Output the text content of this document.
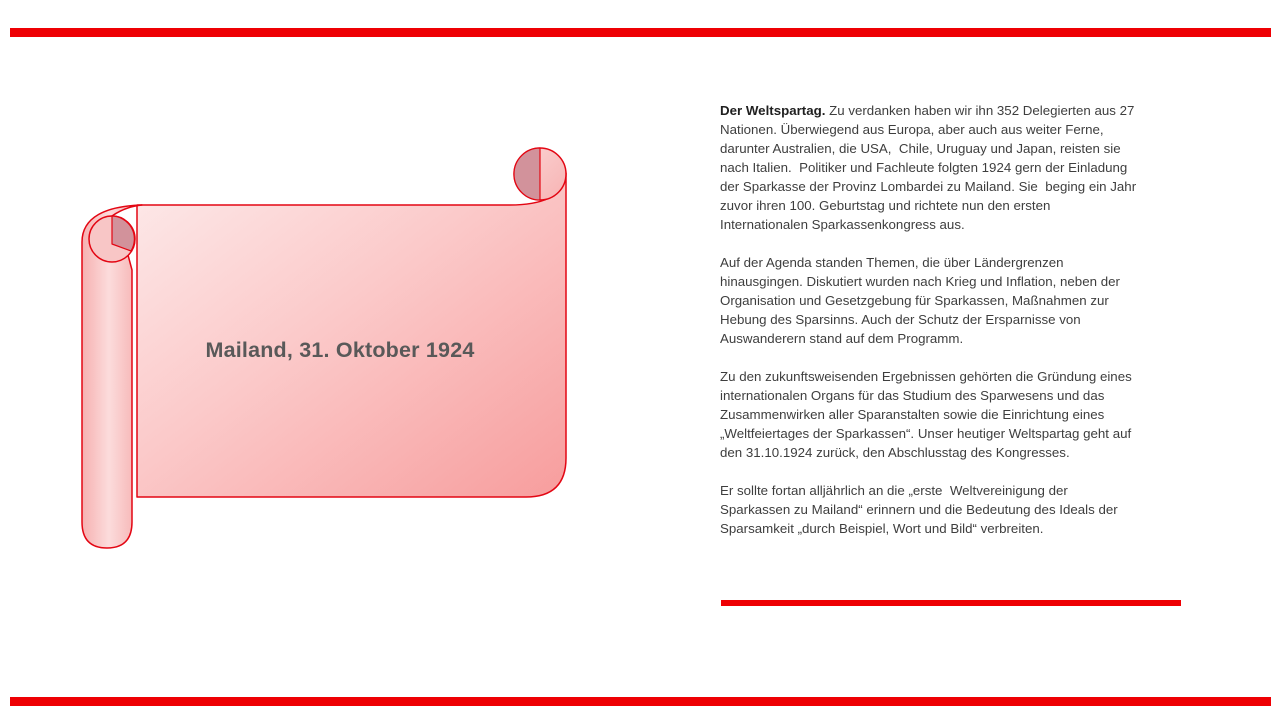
Mailand, 31. Oktober 1924

Der Weltspartag. Zu verdanken haben wir ihn 352 Delegierten aus 27 Nationen. Überwiegend aus Europa, aber auch aus weiter Ferne, darunter Australien, die USA,  Chile, Uruguay und Japan, reisten sie nach Italien.  Politiker und Fachleute folgten 1924 gern der Einladung der Sparkasse der Provinz Lombardei zu Mailand. Sie  beging ein Jahr zuvor ihren 100. Geburtstag und richtete nun den ersten Internationalen Sparkassenkongress aus.

Auf der Agenda standen Themen, die über Ländergrenzen hinausgingen. Diskutiert wurden nach Krieg und Inflation, neben der Organisation und Gesetzgebung für Sparkassen, Maßnahmen zur Hebung des Sparsinns. Auch der Schutz der Ersparnisse von Auswanderern stand auf dem Programm.

Zu den zukunftsweisenden Ergebnissen gehörten die Gründung eines internationalen Organs für das Studium des Sparwesens und das Zusammenwirken aller Sparanstalten sowie die Einrichtung eines „Weltfeiertages der Sparkassen“. Unser heutiger Weltspartag geht auf den 31.10.1924 zurück, den Abschlusstag des Kongresses.

Er sollte fortan alljährlich an die „erste  Weltvereinigung der Sparkassen zu Mailand“ erinnern und die Bedeutung des Ideals der Sparsamkeit „durch Beispiel, Wort und Bild“ verbreiten.
